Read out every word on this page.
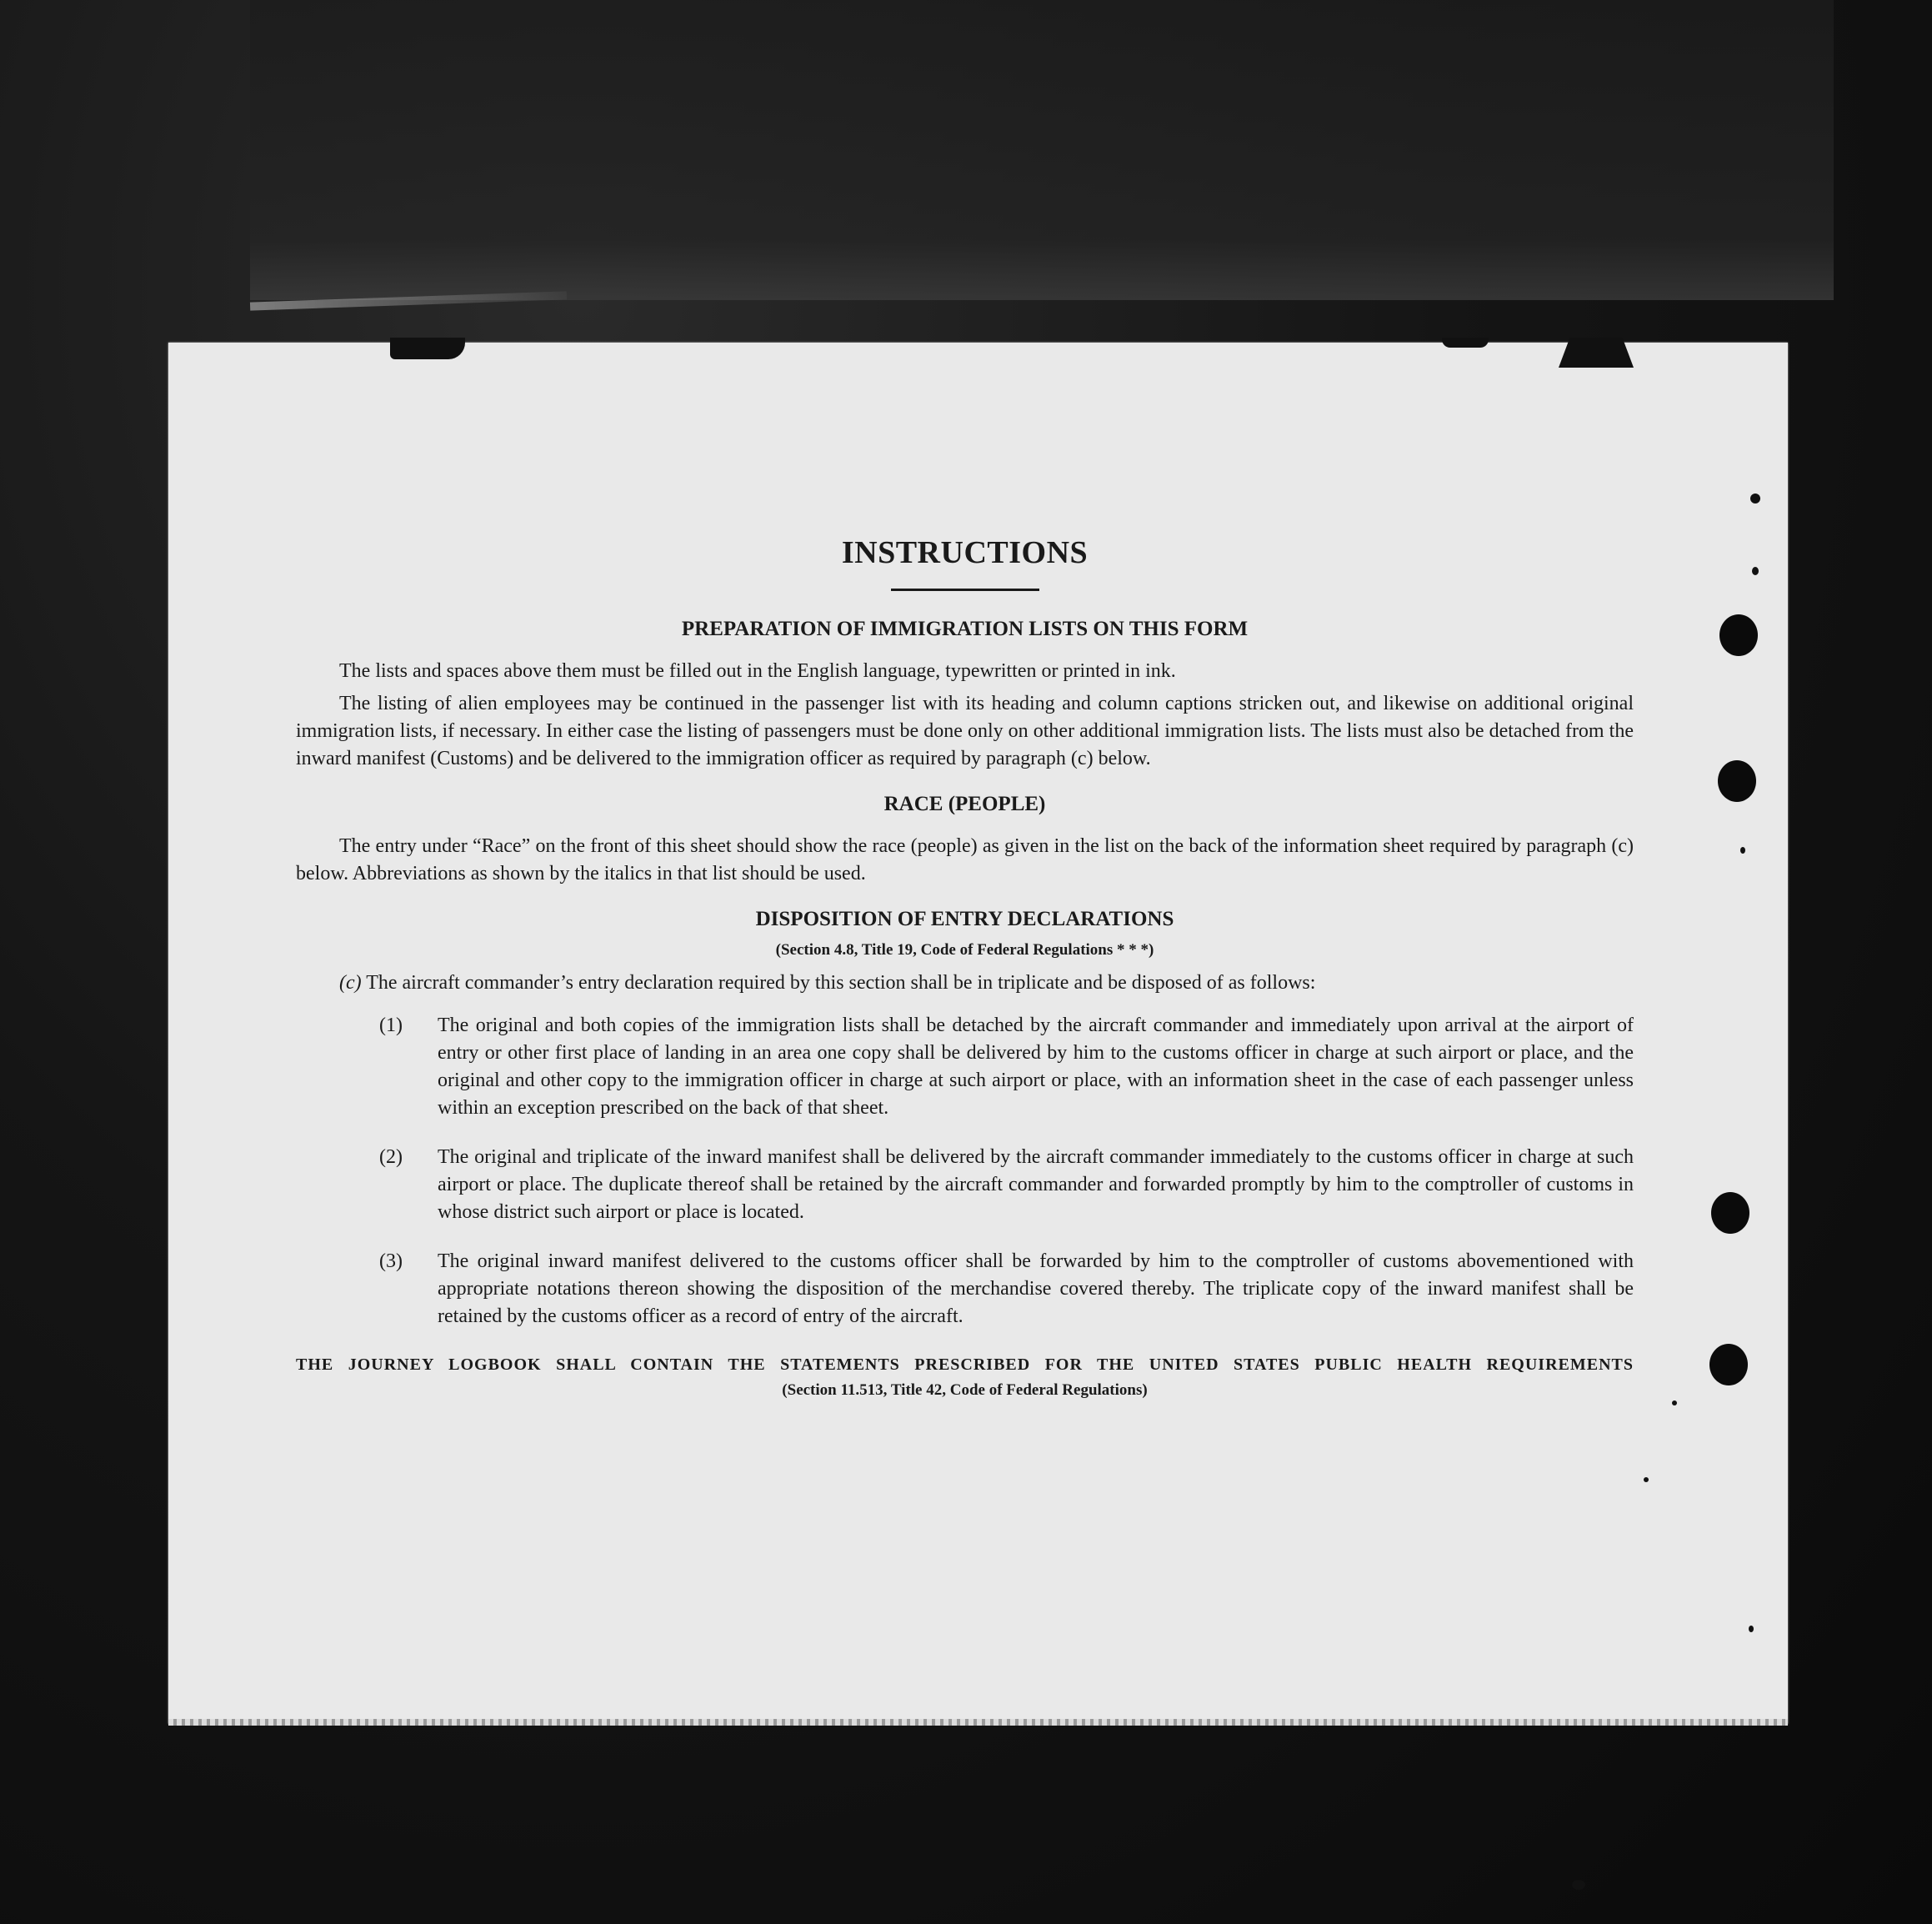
INSTRUCTIONS
PREPARATION OF IMMIGRATION LISTS ON THIS FORM

The lists and spaces above them must be filled out in the English language, typewritten or printed in ink.

The listing of alien employees may be continued in the passenger list with its heading and column captions stricken out, and likewise on additional original immigration lists, if necessary. In either case the listing of passengers must be done only on other additional immigration lists. The lists must also be detached from the inward manifest (Customs) and be delivered to the immigration officer as required by paragraph (c) below.

RACE (PEOPLE)

The entry under “Race” on the front of this sheet should show the race (people) as given in the list on the back of the information sheet required by paragraph (c) below. Abbreviations as shown by the italics in that list should be used.

DISPOSITION OF ENTRY DECLARATIONS

(Section 4.8, Title 19, Code of Federal Regulations * * *)

(c) The aircraft commander’s entry declaration required by this section shall be in triplicate and be disposed of as follows:

(1) The original and both copies of the immigration lists shall be detached by the aircraft commander and immediately upon arrival at the airport of entry or other first place of landing in an area one copy shall be delivered by him to the customs officer in charge at such airport or place, and the original and other copy to the immigration officer in charge at such airport or place, with an information sheet in the case of each passenger unless within an exception prescribed on the back of that sheet.
(2) The original and triplicate of the inward manifest shall be delivered by the aircraft commander immediately to the customs officer in charge at such airport or place. The duplicate thereof shall be retained by the aircraft commander and forwarded promptly by him to the comptroller of customs in whose district such airport or place is located.
(3) The original inward manifest delivered to the customs officer shall be forwarded by him to the comptroller of customs abovementioned with appropriate notations thereon showing the disposition of the merchandise covered thereby. The triplicate copy of the inward manifest shall be retained by the customs officer as a record of entry of the aircraft.

THE JOURNEY LOGBOOK SHALL CONTAIN THE STATEMENTS PRESCRIBED FOR THE UNITED STATES PUBLIC HEALTH REQUIREMENTS

(Section 11.513, Title 42, Code of Federal Regulations)
